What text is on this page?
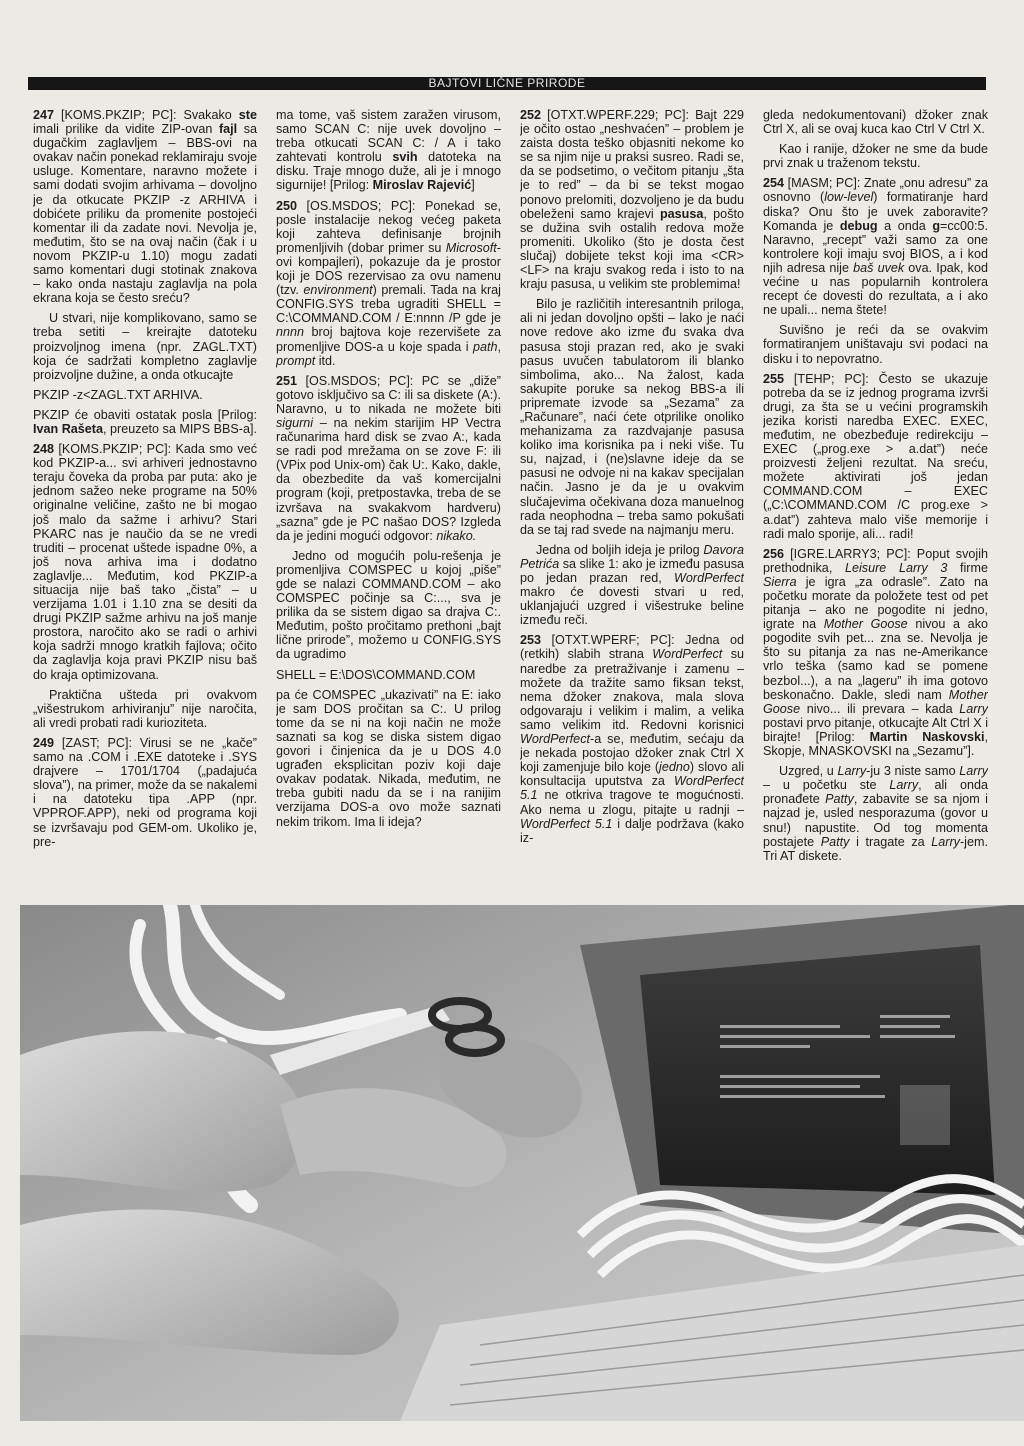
BAJTOVI LIČNE PRIRODE

247 [KOMS.PKZIP; PC]: Svakako ste imali prilike da vidite ZIP-ovan fajl sa dugačkim zaglavljem – BBS-ovi na ovakav način ponekad reklamiraju svoje usluge. Komentare, naravno možete i sami dodati svojim arhivama – dovoljno je da otkucate PKZIP -z ARHIVA i dobićete priliku da promenite postojeći komentar ili da zadate novi. Nevolja je, međutim, što se na ovaj način (čak i u novom PKZIP-u 1.10) mogu zadati samo komentari dugi stotinak znakova – kako onda nastaju zaglavlja na pola ekrana koja se često sreću?

U stvari, nije komplikovano, samo se treba setiti – kreirajte datoteku proizvoljnog imena (npr. ZAGL.TXT) koja će sadržati kompletno zaglavlje proizvoljne dužine, a onda otkucajte

PKZIP -z<ZAGL.TXT ARHIVA.

PKZIP će obaviti ostatak posla [Prilog: Ivan Rašeta, preuzeto sa MIPS BBS-a].

248 [KOMS.PKZIP; PC]: Kada smo već kod PKZIP-a... svi arhiveri jednostavno teraju čoveka da proba par puta: ako je jednom sažeo neke programe na 50% originalne veličine, zašto ne bi mogao još malo da sažme i arhivu? Stari PKARC nas je naučio da se ne vredi truditi – procenat uštede ispadne 0%, a još nova arhiva ima i dodatno zaglavlje... Međutim, kod PKZIP-a situacija nije baš tako „čista” – u verzijama 1.01 i 1.10 zna se desiti da drugi PKZIP sažme arhivu na još manje prostora, naročito ako se radi o arhivi koja sadrži mnogo kratkih fajlova; očito da zaglavlja koja pravi PKZIP nisu baš do kraja optimizovana.

Praktična ušteda pri ovakvom „višestrukom arhiviranju” nije naročita, ali vredi probati radi kurioziteta.

249 [ZAST; PC]: Virusi se ne „kače” samo na .COM i .EXE datoteke i .SYS drajvere – 1701/1704 („padajuća slova”), na primer, može da se nakalemi i na datoteku tipa .APP (npr. VPPROF.APP), neki od programa koji se izvršavaju pod GEM-om. Ukoliko je, pre-

ma tome, vaš sistem zaražen virusom, samo SCAN C: nije uvek dovoljno – treba otkucati SCAN C: / A i tako zahtevati kontrolu svih datoteka na disku. Traje mnogo duže, ali je i mnogo sigurnije! [Prilog: Miroslav Rajević]

250 [OS.MSDOS; PC]: Ponekad se, posle instalacije nekog većeg paketa koji zahteva definisanje brojnih promenljivih (dobar primer su Microsoft-ovi kompajleri), pokazuje da je prostor koji je DOS rezervisao za ovu namenu (tzv. environment) premali. Tada na kraj CONFIG.SYS treba ugraditi SHELL = C:\COMMAND.COM / E:nnnn /P gde je nnnn broj bajtova koje rezervišete za promenljive DOS-a u koje spada i path, prompt itd.

251 [OS.MSDOS; PC]: PC se „diže” gotovo isključivo sa C: ili sa diskete (A:). Naravno, u to nikada ne možete biti sigurni – na nekim starijim HP Vectra računarima hard disk se zvao A:, kada se radi pod mrežama on se zove F: ili (VPix pod Unix-om) čak U:. Kako, dakle, da obezbedite da vaš komercijalni program (koji, pretpostavka, treba de se izvršava na svakakvom hardveru) „sazna” gde je PC našao DOS? Izgleda da je jedini mogući odgovor: nikako.

Jedno od mogućih polu-rešenja je promenljiva COMSPEC u kojoj „piše” gde se nalazi COMMAND.COM – ako COMSPEC počinje sa C:..., sva je prilika da se sistem digao sa drajva C:. Međutim, pošto pročitamo prethoni „bajt lične prirode”, možemo u CONFIG.SYS da ugradimo

SHELL = E:\DOS\COMMAND.COM

pa će COMSPEC „ukazivati” na E: iako je sam DOS pročitan sa C:. U prilog tome da se ni na koji način ne može saznati sa kog se diska sistem digao govori i činjenica da je u DOS 4.0 ugrađen eksplicitan poziv koji daje ovakav podatak. Nikada, međutim, ne treba gubiti nadu da se i na ranijim verzijama DOS-a ovo može saznati nekim trikom. Ima li ideja?

252 [OTXT.WPERF.229; PC]: Bajt 229 je očito ostao „neshvaćen” – problem je zaista dosta teško objasniti nekome ko se sa njim nije u praksi susreo. Radi se, da se podsetimo, o večitom pitanju „šta je to red” – da bi se tekst mogao ponovo prelomiti, dozvoljeno je da budu obeleženi samo krajevi pasusa, pošto se dužina svih ostalih redova može promeniti. Ukoliko (što je dosta čest slučaj) dobijete tekst koji ima <CR> <LF> na kraju svakog reda i isto to na kraju pasusa, u velikim ste problemima!

Bilo je različitih interesantnih priloga, ali ni jedan dovoljno opšti – lako je naći nove redove ako izme đu svaka dva pasusa stoji prazan red, ako je svaki pasus uvučen tabulatorom ili blanko simbolima, ako... Na žalost, kada sakupite poruke sa nekog BBS-a ili pripremate izvode sa „Sezama” za „Računare”, naći ćete otprilike onoliko mehanizama za razdvajanje pasusa koliko ima korisnika pa i neki više. Tu su, najzad, i (ne)slavne ideje da se pasusi ne odvoje ni na kakav specijalan način. Jasno je da je u ovakvim slučajevima očekivana doza manuelnog rada neophodna – treba samo pokušati da se taj rad svede na najmanju meru.

Jedna od boljih ideja je prilog Davora Petrića sa slike 1: ako je između pasusa po jedan prazan red, WordPerfect makro će dovesti stvari u red, uklanjajući uzgred i višestruke beline između reči.

253 [OTXT.WPERF; PC]: Jedna od (retkih) slabih strana WordPerfect su naredbe za pretraživanje i zamenu – možete da tražite samo fiksan tekst, nema džoker znakova, mala slova odgovaraju i velikim i malim, a velika samo velikim itd. Redovni korisnici WordPerfect-a se, međutim, sećaju da je nekada postojao džoker znak Ctrl X koji zamenjuje bilo koje (jedno) slovo ali konsultacija uputstva za WordPerfect 5.1 ne otkriva tragove te mogućnosti. Ako nema u zlogu, pitajte u radnji – WordPerfect 5.1 i dalje podržava (kako iz-

gleda nedokumentovani) džoker znak Ctrl X, ali se ovaj kuca kao Ctrl V Ctrl X.

Kao i ranije, džoker ne sme da bude prvi znak u traženom tekstu.

254 [MASM; PC]: Znate „onu adresu” za osnovno (low-level) formatiranje hard diska? Onu što je uvek zaboravite? Komanda je debug a onda g=cc00:5. Naravno, „recept” važi samo za one kontrolere koji imaju svoj BIOS, a i kod njih adresa nije baš uvek ova. Ipak, kod većine u nas popularnih kontrolera recept će dovesti do rezultata, a i ako ne upali... nema štete!

Suvišno je reći da se ovakvim formatiranjem uništavaju svi podaci na disku i to nepovratno.

255 [TEHP; PC]: Često se ukazuje potreba da se iz jednog programa izvrši drugi, za šta se u većini programskih jezika koristi naredba EXEC. EXEC, međutim, ne obezbeđuje redirekciju – EXEC („prog.exe > a.dat”) neće proizvesti željeni rezultat. Na sreću, možete aktivirati još jedan COMMAND.COM – EXEC („C:\COMMAND.COM /C prog.exe > a.dat”) zahteva malo više memorije i radi malo sporije, ali... radi!

256 [IGRE.LARRY3; PC]: Poput svojih prethodnika, Leisure Larry 3 firme Sierra je igra „za odrasle”. Zato na početku morate da položete test od pet pitanja – ako ne pogodite ni jedno, igrate na Mother Goose nivou a ako pogodite svih pet... zna se. Nevolja je što su pitanja za nas ne-Amerikance vrlo teška (samo kad se pomene bezbol...), a na „lageru” ih ima gotovo beskonačno. Dakle, sledi nam Mother Goose nivo... ili prevara – kada Larry postavi prvo pitanje, otkucajte Alt Ctrl X i birajte! [Prilog: Martin Naskovski, Skopje, MNASKOVSKI na „Sezamu”].

Uzgred, u Larry-ju 3 niste samo Larry – u početku ste Larry, ali onda pronađete Patty, zabavite se sa njom i najzad je, usled nesporazuma (govor u snu!) napustite. Od tog momenta postajete Patty i tragate za Larry-jem. Tri AT diskete.
